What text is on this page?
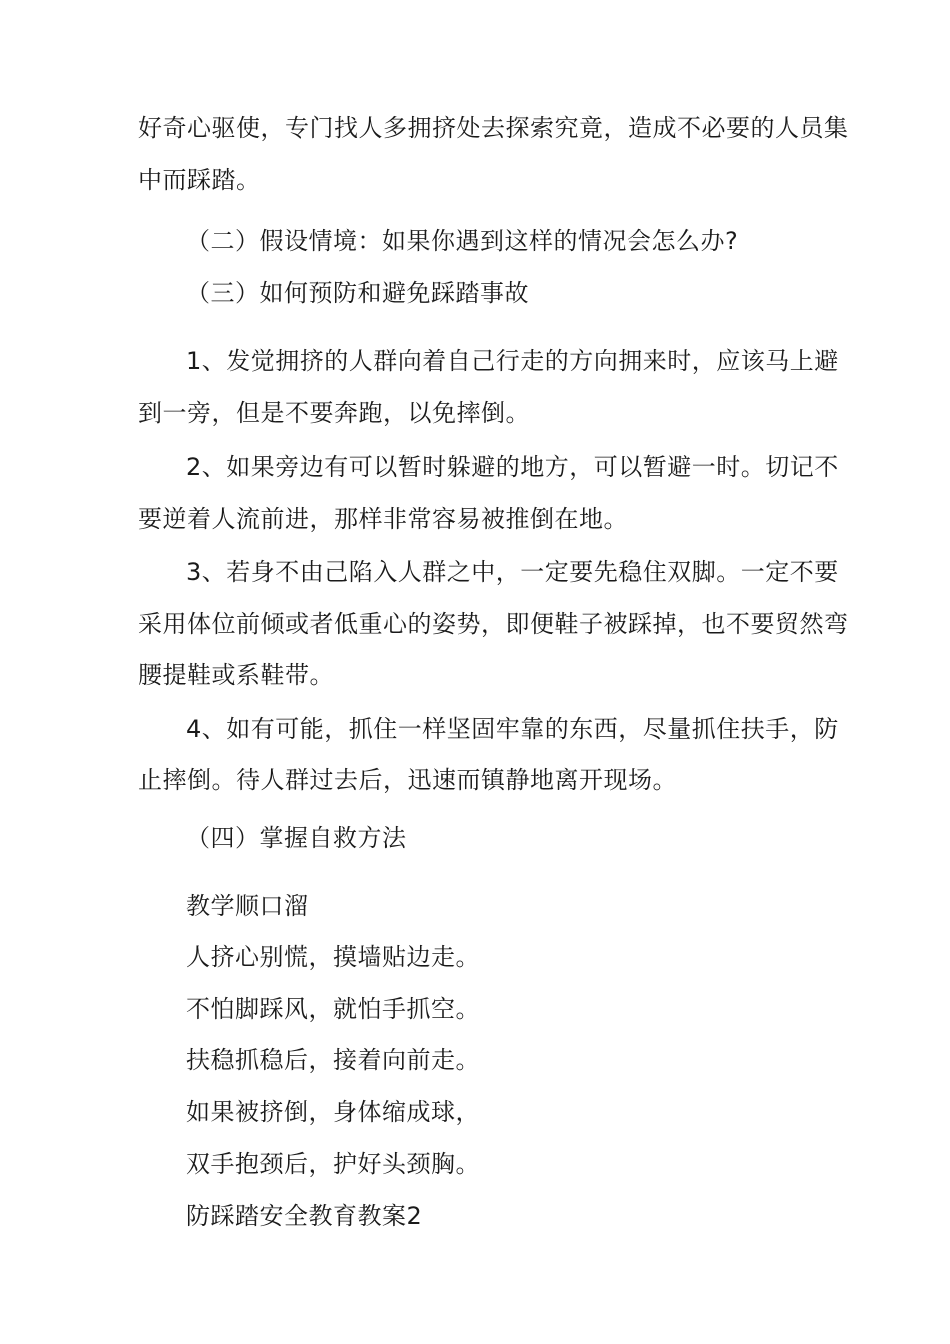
好奇心驱使，专门找人多拥挤处去探索究竟，造成不必要的人员集

中而踩踏。

（二）假设情境：如果你遇到这样的情况会怎么办?

（三）如何预防和避免踩踏事故

1、发觉拥挤的人群向着自己行走的方向拥来时，应该马上避

到一旁，但是不要奔跑，以免摔倒。

2、如果旁边有可以暂时躲避的地方，可以暂避一时。切记不

要逆着人流前进，那样非常容易被推倒在地。

3、若身不由己陷入人群之中，一定要先稳住双脚。一定不要

采用体位前倾或者低重心的姿势，即便鞋子被踩掉，也不要贸然弯

腰提鞋或系鞋带。

4、如有可能，抓住一样坚固牢靠的东西，尽量抓住扶手，防

止摔倒。待人群过去后，迅速而镇静地离开现场。

（四）掌握自救方法

教学顺口溜

人挤心别慌，摸墙贴边走。

不怕脚踩风，就怕手抓空。

扶稳抓稳后，接着向前走。

如果被挤倒，身体缩成球，

双手抱颈后，护好头颈胸。

防踩踏安全教育教案2
